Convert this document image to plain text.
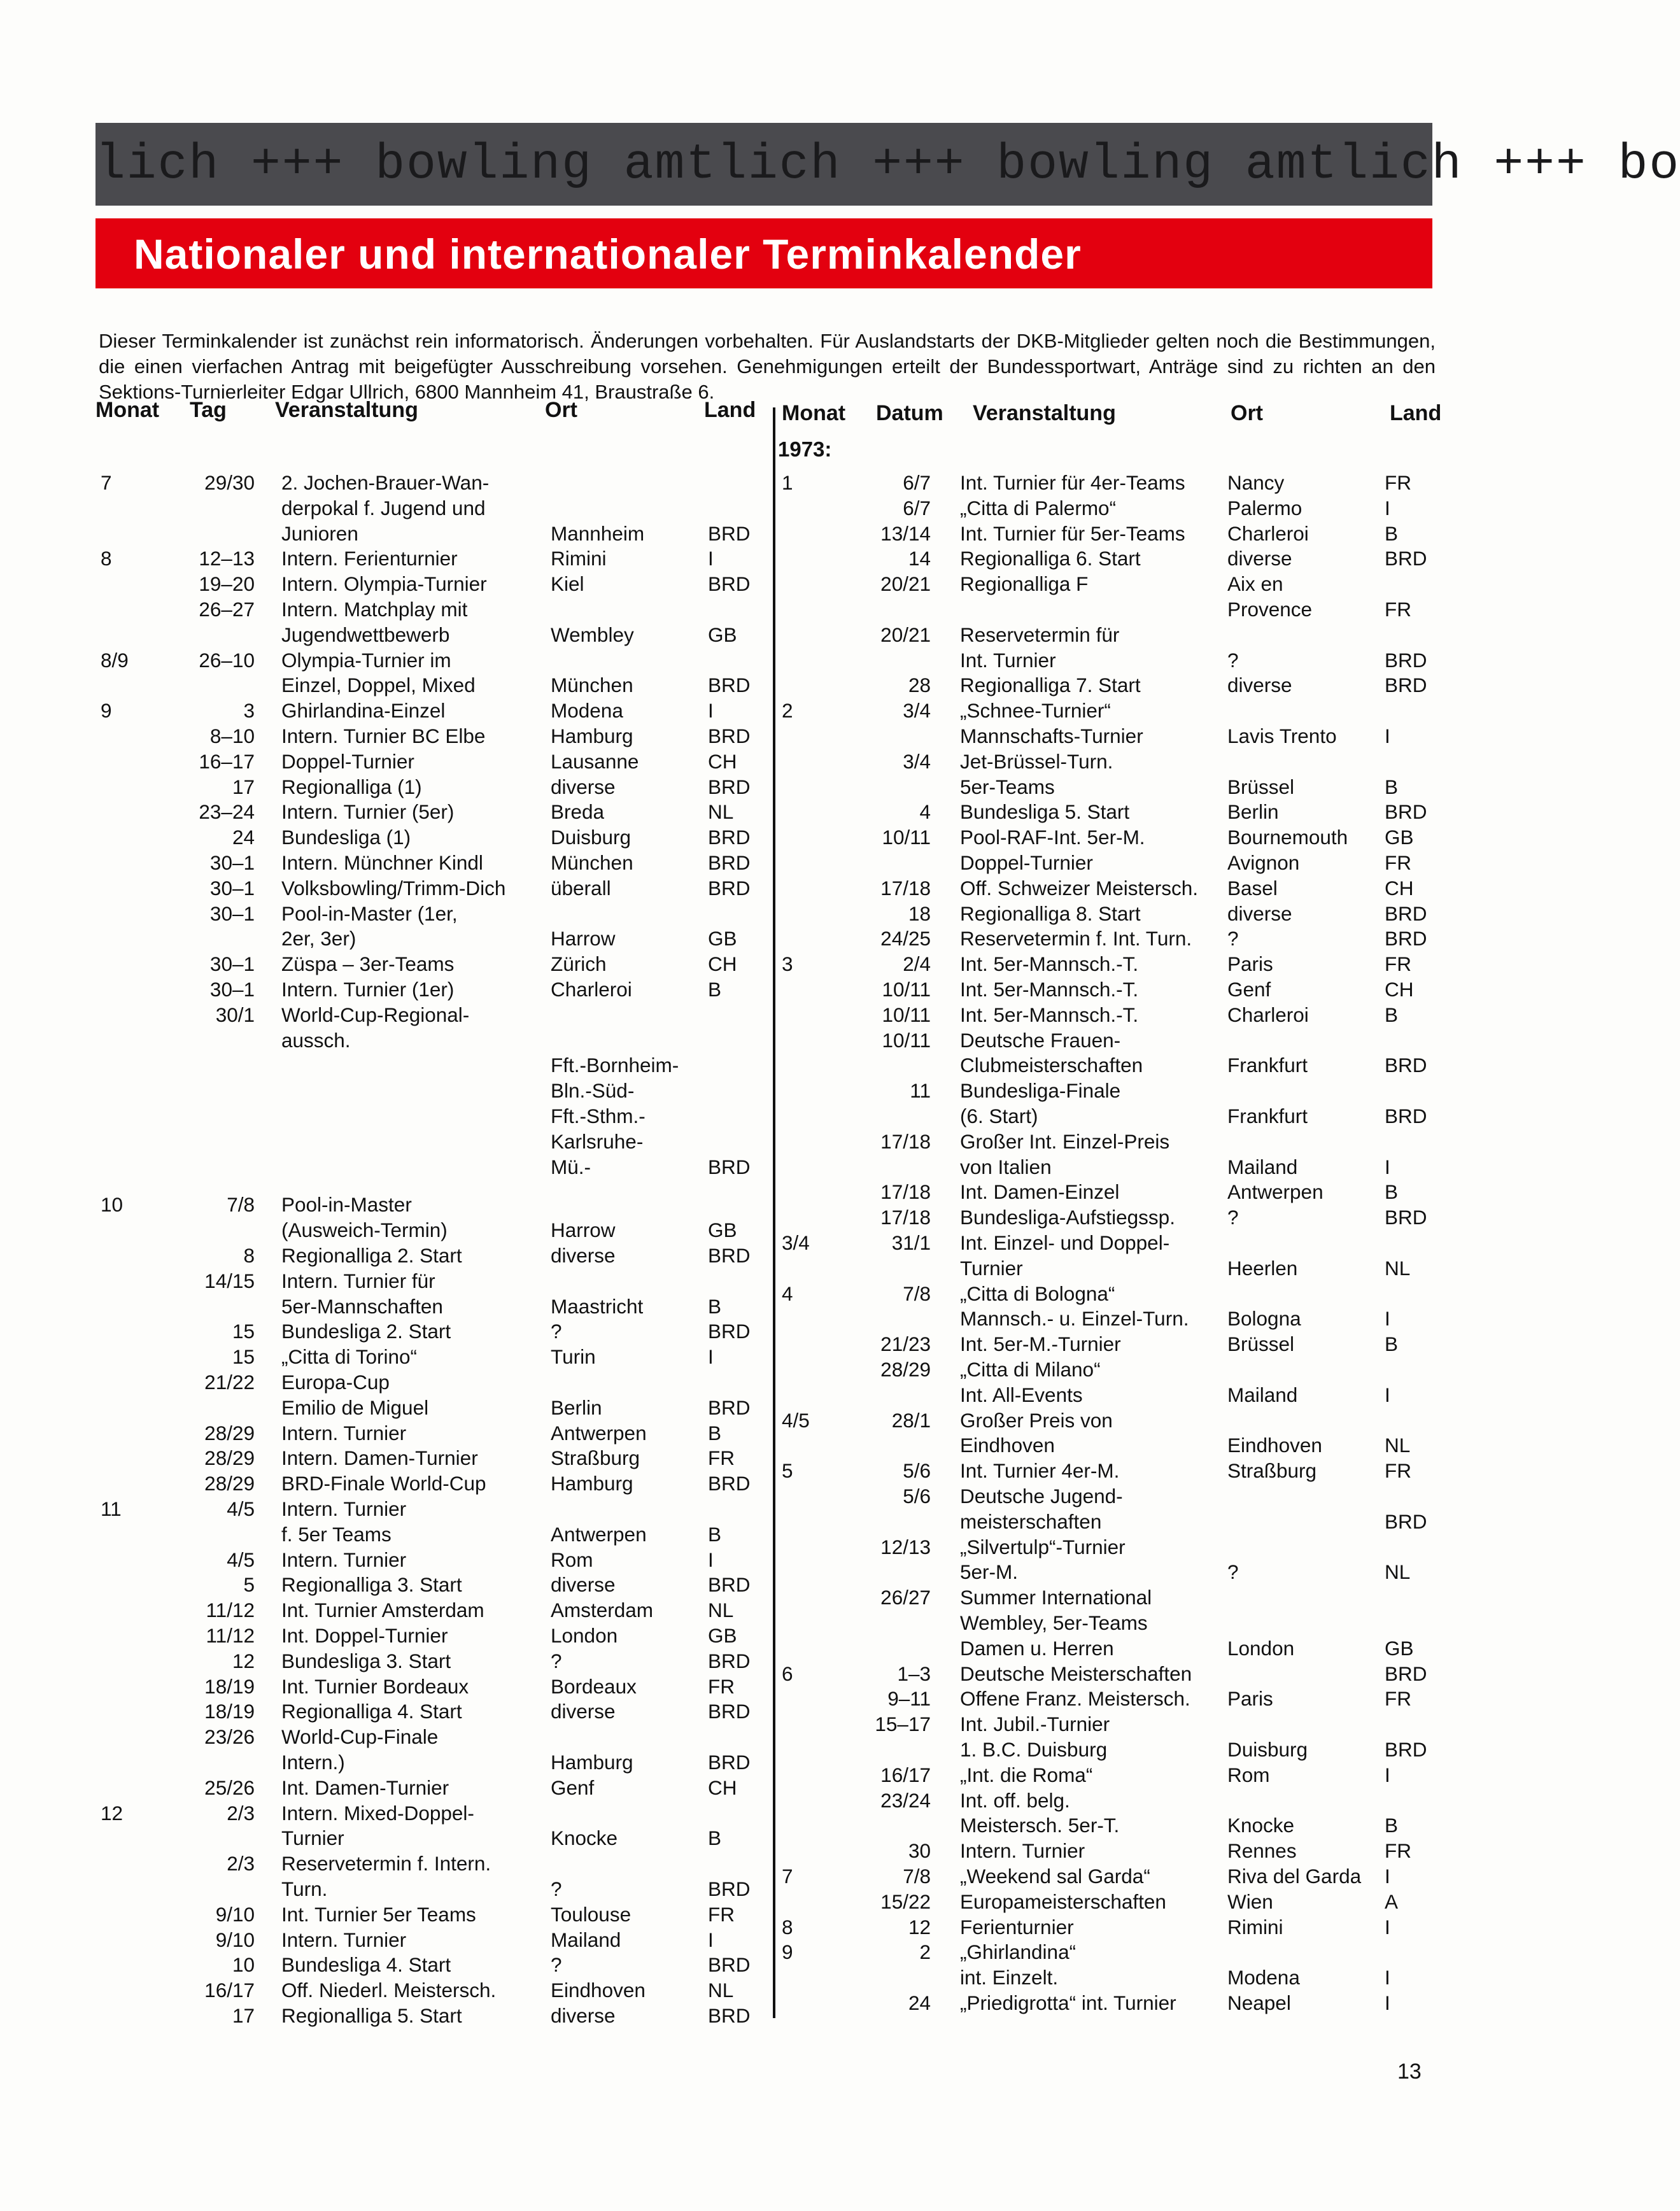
lich +++ bowling amtlich +++ bowling amtlich +++ bo
Nationaler und internationaler Terminkalender

Dieser Terminkalender ist zunächst rein informatorisch. Änderungen vorbehalten. Für Auslandstarts der DKB-Mitglieder gelten noch die Bestimmungen, die einen vierfachen Antrag mit beigefügter Ausschreibung vorsehen. Genehmigungen erteilt der Bundessportwart, Anträge sind zu richten an den Sektions-Turnierleiter Edgar Ullrich, 6800 Mannheim 41, Braustraße 6.

Monat Tag Veranstaltung	Ort	Land Monat Datum Veranstaltung	Ort	Land
1973:
7	29/30 2. Jochen-Brauer-Wan-
derpokal f. Jugend und
Junioren	Mannheim	BRD
8	12–13 Intern. Ferienturnier	Rimini	I
19–20 Intern. Olympia-Turnier	Kiel	BRD
26–27 Intern. Matchplay mit
Jugendwettbewerb	Wembley	GB
8/9	26–10 Olympia-Turnier im
Einzel, Doppel, Mixed	München	BRD
9	3 Ghirlandina-Einzel	Modena	I
8–10 Intern. Turnier BC Elbe	Hamburg	BRD
16–17 Doppel-Turnier	Lausanne	CH
17 Regionalliga (1)	diverse	BRD
23–24 Intern. Turnier (5er)	Breda	NL
24 Bundesliga (1)	Duisburg	BRD
30–1 Intern. Münchner Kindl	München	BRD
30–1 Volksbowling/Trimm-Dich überall	BRD
30–1 Pool-in-Master (1er,
2er, 3er)	Harrow	GB
30–1 Züspa – 3er-Teams	Zürich	CH
30–1 Intern. Turnier (1er)	Charleroi	B
30/1 World-Cup-Regional-
aussch.
Fft.-Bornheim-
Bln.-Süd-
Fft.-Sthm.-
Karlsruhe-
Mü.-	BRD
10	7/8 Pool-in-Master
(Ausweich-Termin)	Harrow	GB
8 Regionalliga 2. Start	diverse	BRD
14/15 Intern. Turnier für
5er-Mannschaften	Maastricht	B
15 Bundesliga 2. Start	?	BRD
15 „Citta di Torino“	Turin	I
21/22 Europa-Cup
Emilio de Miguel	Berlin	BRD
28/29 Intern. Turnier	Antwerpen	B
28/29 Intern. Damen-Turnier	Straßburg	FR
28/29 BRD-Finale World-Cup	Hamburg	BRD
11	4/5 Intern. Turnier
f. 5er Teams	Antwerpen	B
4/5 Intern. Turnier	Rom	I
5 Regionalliga 3. Start	diverse	BRD
11/12 Int. Turnier Amsterdam	Amsterdam	NL
11/12 Int. Doppel-Turnier	London	GB
12 Bundesliga 3. Start	?	BRD
18/19 Int. Turnier Bordeaux	Bordeaux	FR
18/19 Regionalliga 4. Start	diverse	BRD
23/26 World-Cup-Finale
Intern.)	Hamburg	BRD
25/26 Int. Damen-Turnier	Genf	CH
12	2/3 Intern. Mixed-Doppel-
Turnier	Knocke	B
2/3 Reservetermin f. Intern.
Turn.	?	BRD
9/10 Int. Turnier 5er Teams	Toulouse	FR
9/10 Intern. Turnier	Mailand	I
10 Bundesliga 4. Start	?	BRD
16/17 Off. Niederl. Meistersch.	Eindhoven	NL
17 Regionalliga 5. Start	diverse	BRD
1	6/7 Int. Turnier für 4er-Teams Nancy	FR
6/7 „Citta di Palermo“	Palermo	I
13/14 Int. Turnier für 5er-Teams Charleroi	B
14 Regionalliga 6. Start	diverse	BRD
20/21 Regionalliga F	Aix en
Provence	FR
20/21 Reservetermin für
Int. Turnier	?	BRD
28 Regionalliga 7. Start	diverse	BRD
2	3/4 „Schnee-Turnier“
Mannschafts-Turnier	Lavis Trento I
3/4 Jet-Brüssel-Turn.
5er-Teams	Brüssel	B
4 Bundesliga 5. Start	Berlin	BRD
10/11 Pool-RAF-Int. 5er-M.	Bournemouth GB
Doppel-Turnier	Avignon	FR
17/18 Off. Schweizer Meistersch. Basel	CH
18 Regionalliga 8. Start	diverse	BRD
24/25 Reservetermin f. Int. Turn. ?	BRD
3	2/4 Int. 5er-Mannsch.-T.	Paris	FR
10/11 Int. 5er-Mannsch.-T.	Genf	CH
10/11 Int. 5er-Mannsch.-T.	Charleroi	B
10/11 Deutsche Frauen-
Clubmeisterschaften	Frankfurt	BRD
11 Bundesliga-Finale
(6. Start)	Frankfurt	BRD
17/18 Großer Int. Einzel-Preis
von Italien	Mailand	I
17/18 Int. Damen-Einzel	Antwerpen	B
17/18 Bundesliga-Aufstiegssp.	?	BRD
3/4	31/1 Int. Einzel- und Doppel-
Turnier	Heerlen	NL
4	7/8 „Citta di Bologna“
Mannsch.- u. Einzel-Turn. Bologna	I
21/23 Int. 5er-M.-Turnier	Brüssel	B
28/29 „Citta di Milano“
Int. All-Events	Mailand	I
4/5	28/1 Großer Preis von
Eindhoven	Eindhoven	NL
5	5/6 Int. Turnier 4er-M.	Straßburg	FR
5/6 Deutsche Jugend-
meisterschaften	BRD
12/13 „Silvertulp“-Turnier
5er-M.	?	NL
26/27 Summer International
Wembley, 5er-Teams
Damen u. Herren	London	GB
6	1–3 Deutsche Meisterschaften	BRD
9–11 Offene Franz. Meistersch. Paris	FR
15–17 Int. Jubil.-Turnier
1. B.C. Duisburg	Duisburg	BRD
16/17 „Int. die Roma“	Rom	I
23/24 Int. off. belg.
Meistersch. 5er-T.	Knocke	B
30 Intern. Turnier	Rennes	FR
7	7/8 „Weekend sal Garda“	Riva del Garda I
15/22 Europameisterschaften	Wien	A
8	12 Ferienturnier	Rimini	I
9	2 „Ghirlandina“
int. Einzelt.	Modena	I
24 „Priedigrotta“ int. Turnier	Neapel	I
13
